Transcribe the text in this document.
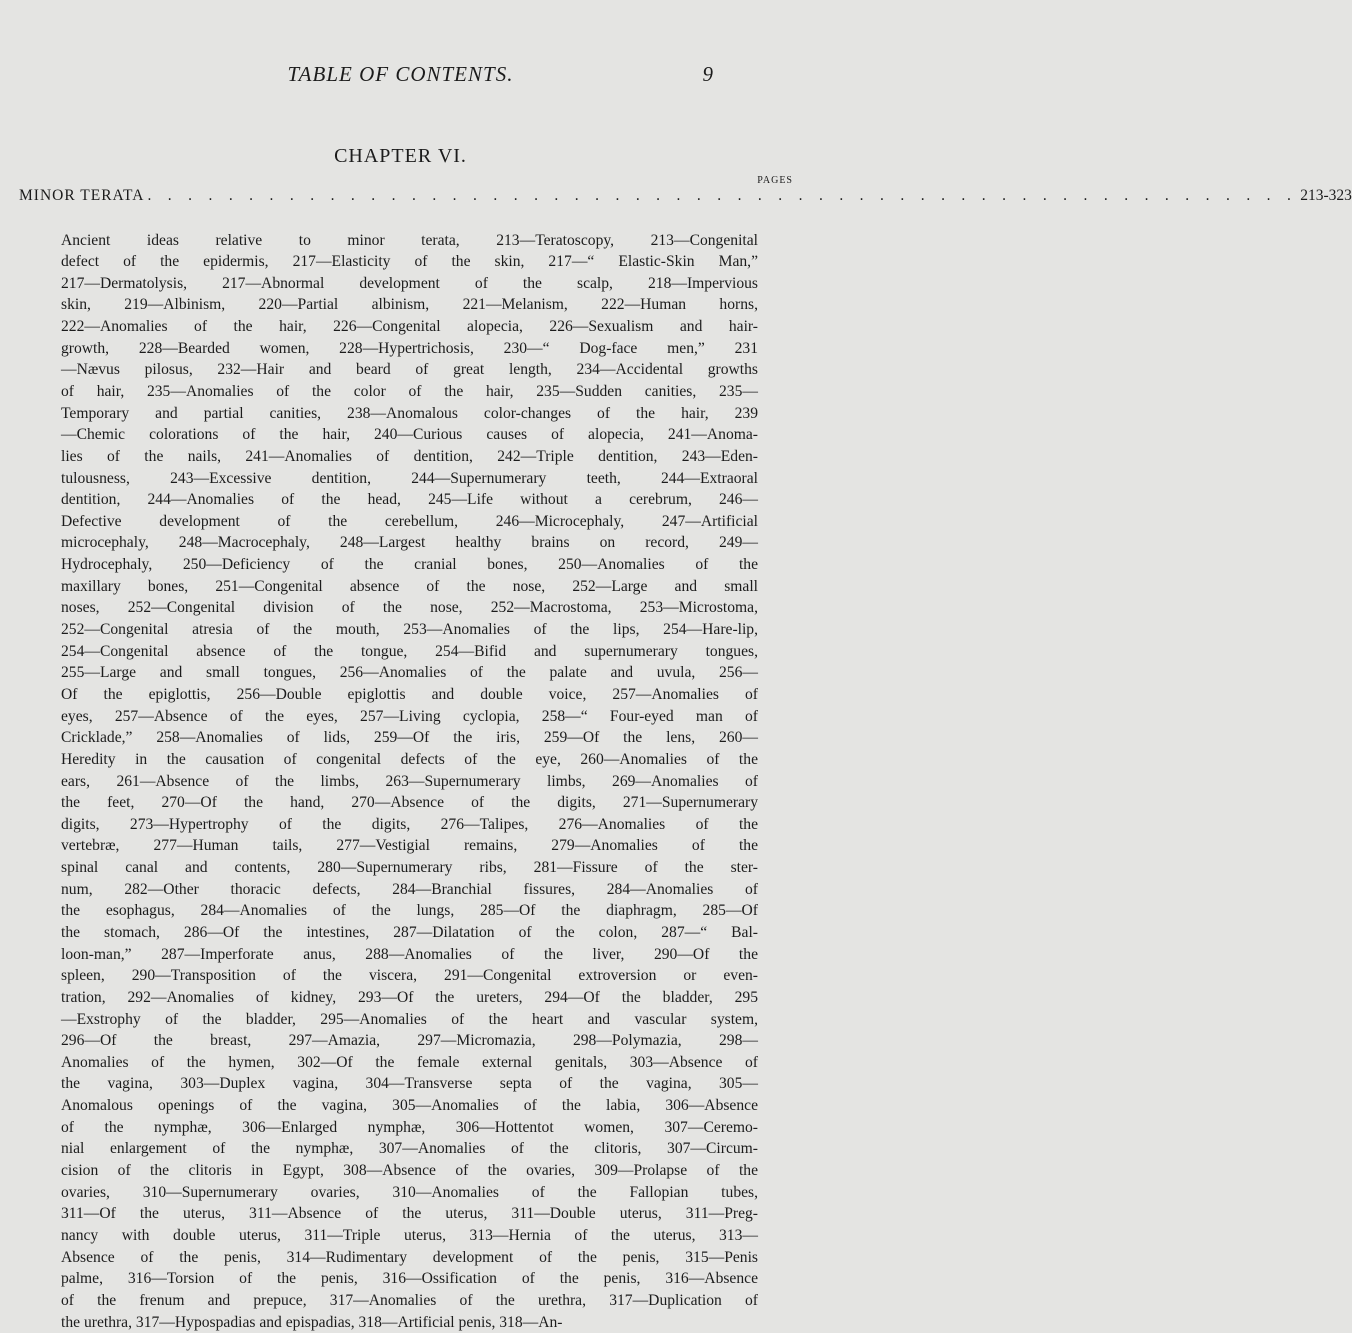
TABLE OF CONTENTS.	9
CHAPTER VI.
PAGES
MINOR TERATA . . . . . . . . . . . . . . . . . . . . . . . . . . . . . . . . . . . . . . . . . . . . . . . . . . . . . . . . . 213-323
Ancient ideas relative to minor terata, 213—Teratoscopy, 213—Congenital
defect of the epidermis, 217—Elasticity of the skin, 217—“ Elastic-Skin Man,”
217—Dermatolysis, 217—Abnormal development of the scalp, 218—Impervious
skin, 219—Albinism, 220—Partial albinism, 221—Melanism, 222—Human horns,
222—Anomalies of the hair, 226—Congenital alopecia, 226—Sexualism and hair-
growth, 228—Bearded women, 228—Hypertrichosis, 230—“ Dog-face men,” 231
—Nævus pilosus, 232—Hair and beard of great length, 234—Accidental growths
of hair, 235—Anomalies of the color of the hair, 235—Sudden canities, 235—
Temporary and partial canities, 238—Anomalous color-changes of the hair, 239
—Chemic colorations of the hair, 240—Curious causes of alopecia, 241—Anoma-
lies of the nails, 241—Anomalies of dentition, 242—Triple dentition, 243—Eden-
tulousness, 243—Excessive dentition, 244—Supernumerary teeth, 244—Extraoral
dentition, 244—Anomalies of the head, 245—Life without a cerebrum, 246—
Defective development of the cerebellum, 246—Microcephaly, 247—Artificial
microcephaly, 248—Macrocephaly, 248—Largest healthy brains on record, 249—
Hydrocephaly, 250—Deficiency of the cranial bones, 250—Anomalies of the
maxillary bones, 251—Congenital absence of the nose, 252—Large and small
noses, 252—Congenital division of the nose, 252—Macrostoma, 253—Microstoma,
252—Congenital atresia of the mouth, 253—Anomalies of the lips, 254—Hare-lip,
254—Congenital absence of the tongue, 254—Bifid and supernumerary tongues,
255—Large and small tongues, 256—Anomalies of the palate and uvula, 256—
Of the epiglottis, 256—Double epiglottis and double voice, 257—Anomalies of
eyes, 257—Absence of the eyes, 257—Living cyclopia, 258—“ Four-eyed man of
Cricklade,” 258—Anomalies of lids, 259—Of the iris, 259—Of the lens, 260—
Heredity in the causation of congenital defects of the eye, 260—Anomalies of the
ears, 261—Absence of the limbs, 263—Supernumerary limbs, 269—Anomalies of
the feet, 270—Of the hand, 270—Absence of the digits, 271—Supernumerary
digits, 273—Hypertrophy of the digits, 276—Talipes, 276—Anomalies of the
vertebræ, 277—Human tails, 277—Vestigial remains, 279—Anomalies of the
spinal canal and contents, 280—Supernumerary ribs, 281—Fissure of the ster-
num, 282—Other thoracic defects, 284—Branchial fissures, 284—Anomalies of
the esophagus, 284—Anomalies of the lungs, 285—Of the diaphragm, 285—Of
the stomach, 286—Of the intestines, 287—Dilatation of the colon, 287—“ Bal-
loon-man,” 287—Imperforate anus, 288—Anomalies of the liver, 290—Of the
spleen, 290—Transposition of the viscera, 291—Congenital extroversion or even-
tration, 292—Anomalies of kidney, 293—Of the ureters, 294—Of the bladder, 295
—Exstrophy of the bladder, 295—Anomalies of the heart and vascular system,
296—Of the breast, 297—Amazia, 297—Micromazia, 298—Polymazia, 298—
Anomalies of the hymen, 302—Of the female external genitals, 303—Absence of
the vagina, 303—Duplex vagina, 304—Transverse septa of the vagina, 305—
Anomalous openings of the vagina, 305—Anomalies of the labia, 306—Absence
of the nymphæ, 306—Enlarged nymphæ, 306—Hottentot women, 307—Ceremo-
nial enlargement of the nymphæ, 307—Anomalies of the clitoris, 307—Circum-
cision of the clitoris in Egypt, 308—Absence of the ovaries, 309—Prolapse of the
ovaries, 310—Supernumerary ovaries, 310—Anomalies of the Fallopian tubes,
311—Of the uterus, 311—Absence of the uterus, 311—Double uterus, 311—Preg-
nancy with double uterus, 311—Triple uterus, 313—Hernia of the uterus, 313—
Absence of the penis, 314—Rudimentary development of the penis, 315—Penis
palme, 316—Torsion of the penis, 316—Ossification of the penis, 316—Absence
of the frenum and prepuce, 317—Anomalies of the urethra, 317—Duplication of
the urethra, 317—Hypospadias and epispadias, 318—Artificial penis, 318—An-
